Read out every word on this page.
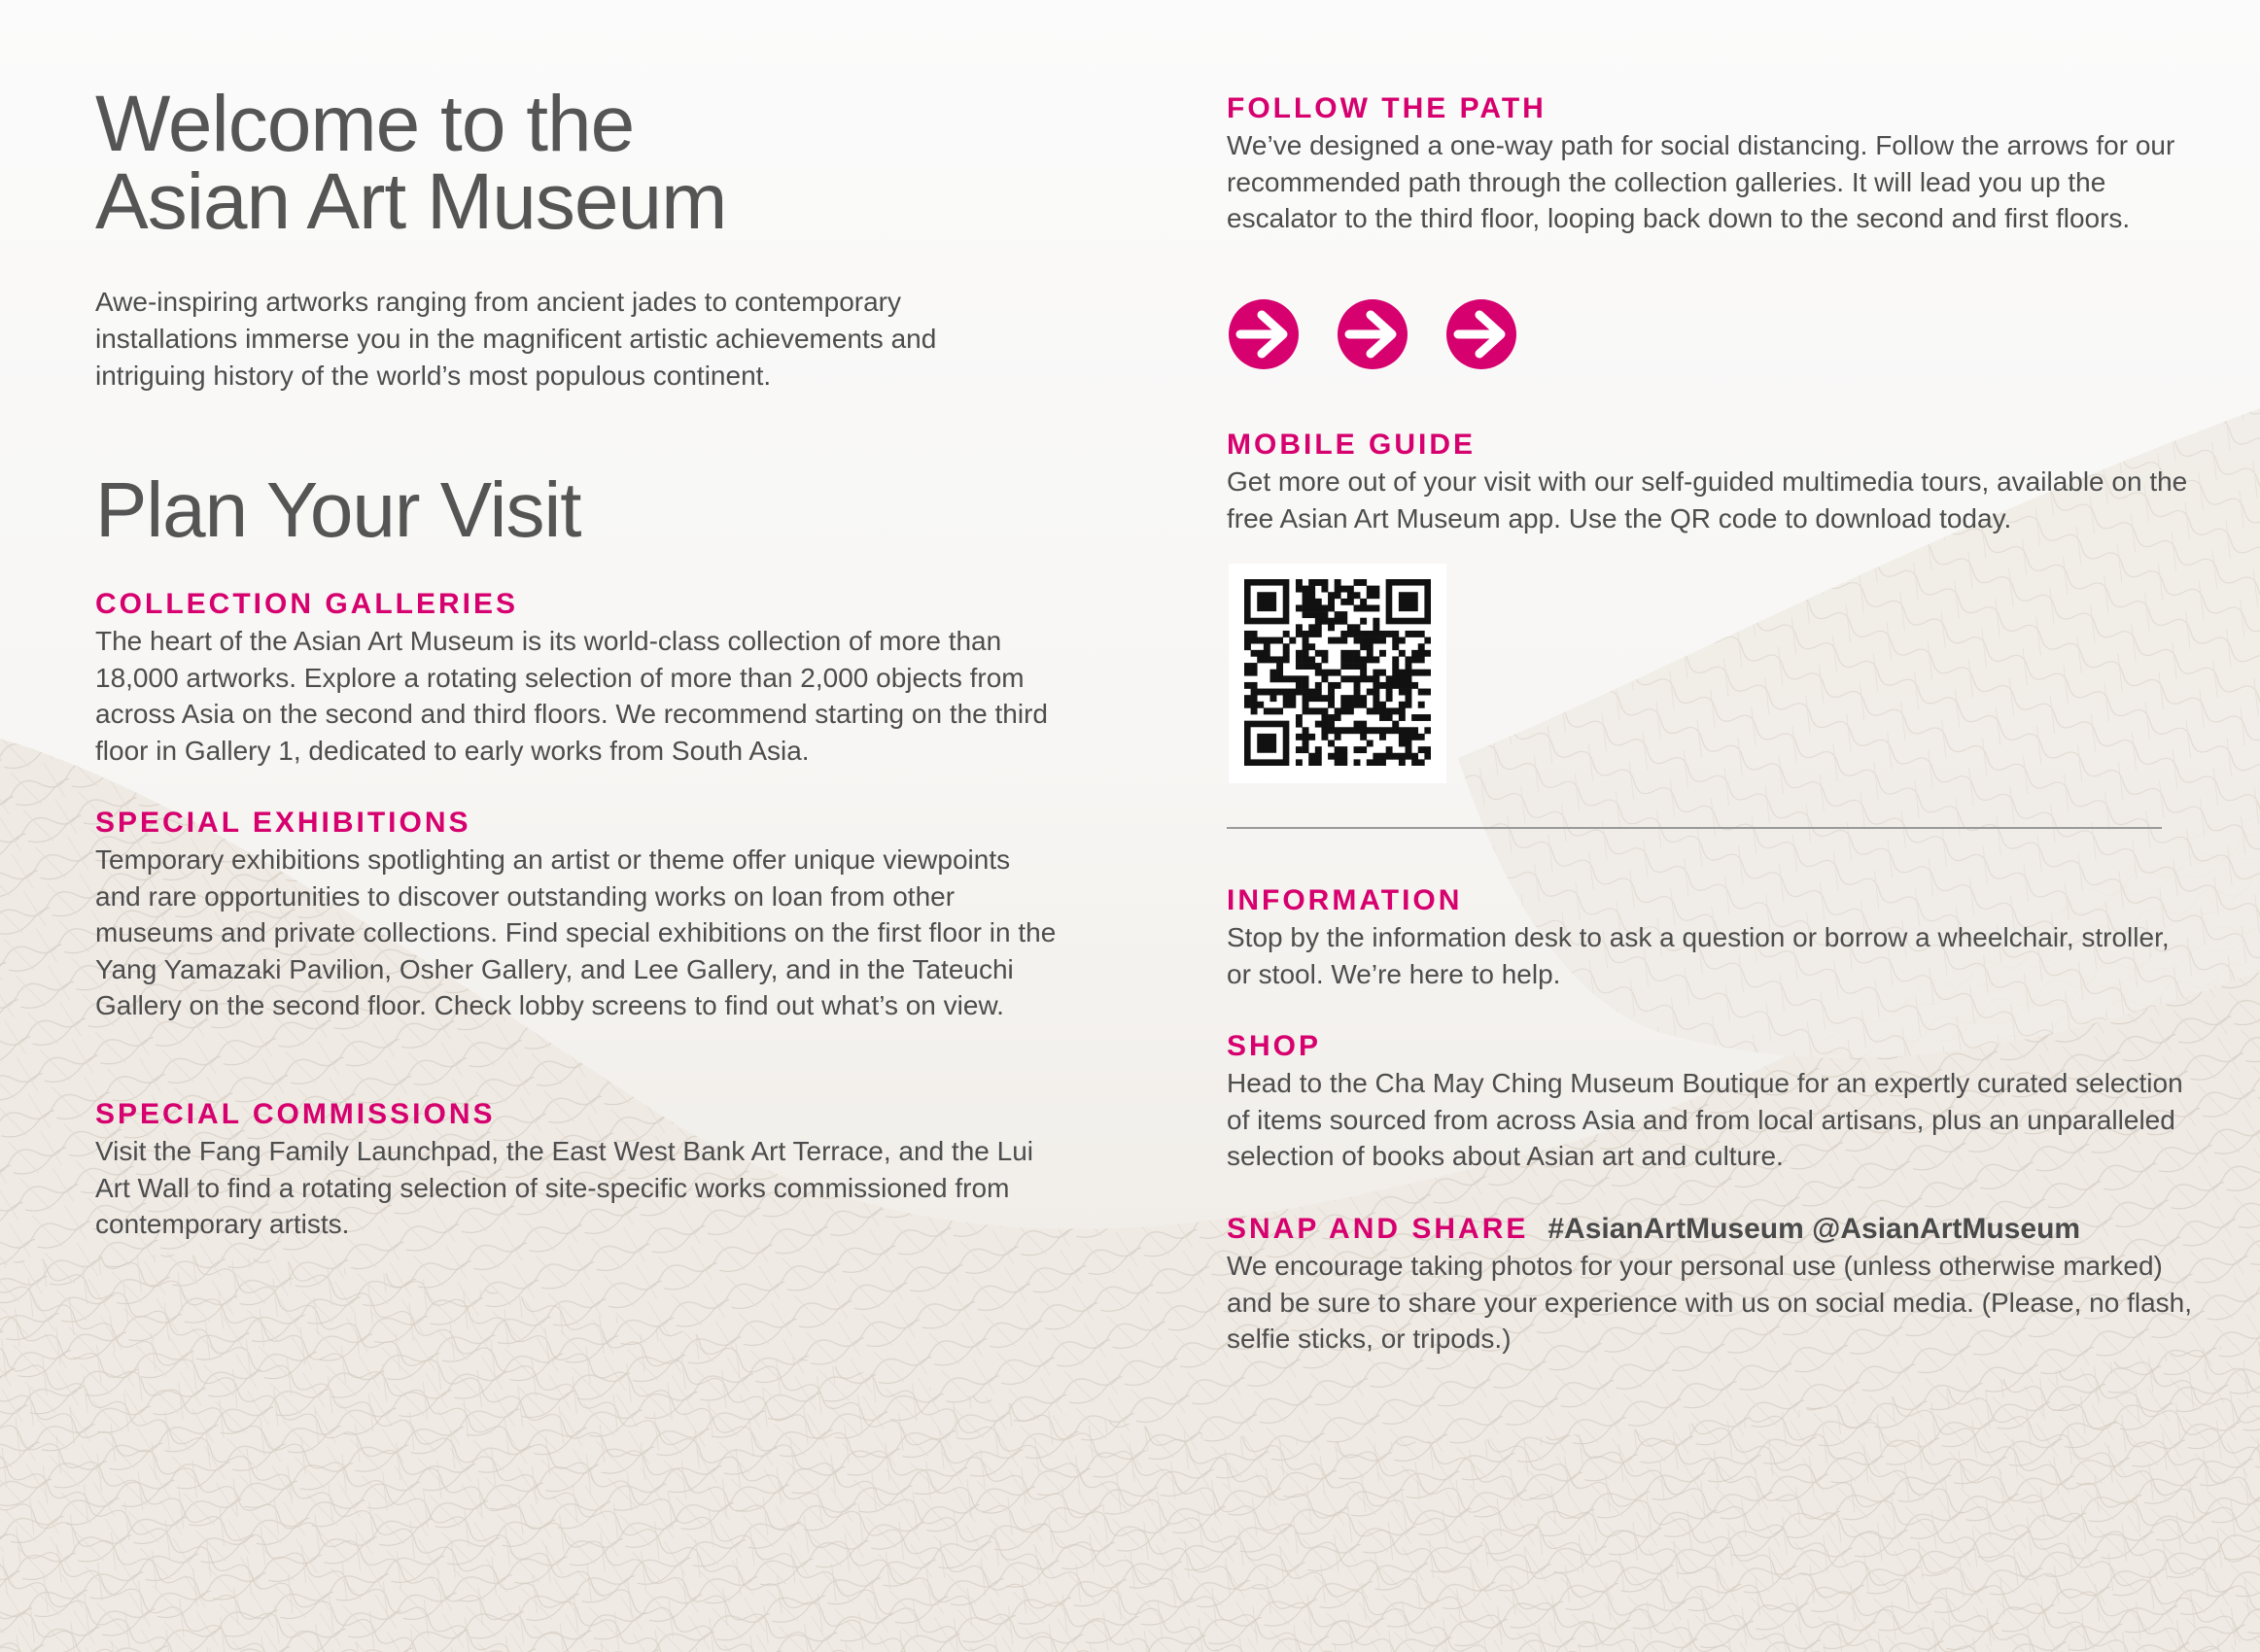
Welcome to the
Asian Art Museum

Awe-inspiring artworks ranging from ancient jades to contemporary installations immerse you in the magnificent artistic achievements and intriguing history of the world’s most populous continent.

Plan Your Visit
COLLECTION GALLERIES

The heart of the Asian Art Museum is its world-class collection of more than 18,000 artworks. Explore a rotating selection of more than 2,000 objects from across Asia on the second and third floors. We recommend starting on the third floor in Gallery 1, dedicated to early works from South Asia.

SPECIAL EXHIBITIONS

Temporary exhibitions spotlighting an artist or theme offer unique viewpoints and rare opportunities to discover outstanding works on loan from other museums and private collections. Find special exhibitions on the first floor in the Yang Yamazaki Pavilion, Osher Gallery, and Lee Gallery, and in the Tateuchi Gallery on the second floor. Check lobby screens to find out what’s on view.

SPECIAL COMMISSIONS

Visit the Fang Family Launchpad, the East West Bank Art Terrace, and the Lui Art Wall to find a rotating selection of site-specific works commissioned from contemporary artists.

FOLLOW THE PATH

We’ve designed a one-way path for social distancing. Follow the arrows for our recommended path through the collection galleries. It will lead you up the escalator to the third floor, looping back down to the second and first floors.

MOBILE GUIDE

Get more out of your visit with our self-guided multimedia tours, available on the free Asian Art Museum app. Use the QR code to download today.

INFORMATION

Stop by the information desk to ask a question or borrow a wheelchair, stroller, or stool. We’re here to help.

SHOP

Head to the Cha May Ching Museum Boutique for an expertly curated selection of items sourced from across Asia and from local artisans, plus an unparalleled selection of books about Asian art and culture.

SNAP AND SHARE #AsianArtMuseum @AsianArtMuseum

We encourage taking photos for your personal use (unless otherwise marked) and be sure to share your experience with us on social media. (Please, no flash, selfie sticks, or tripods.)
